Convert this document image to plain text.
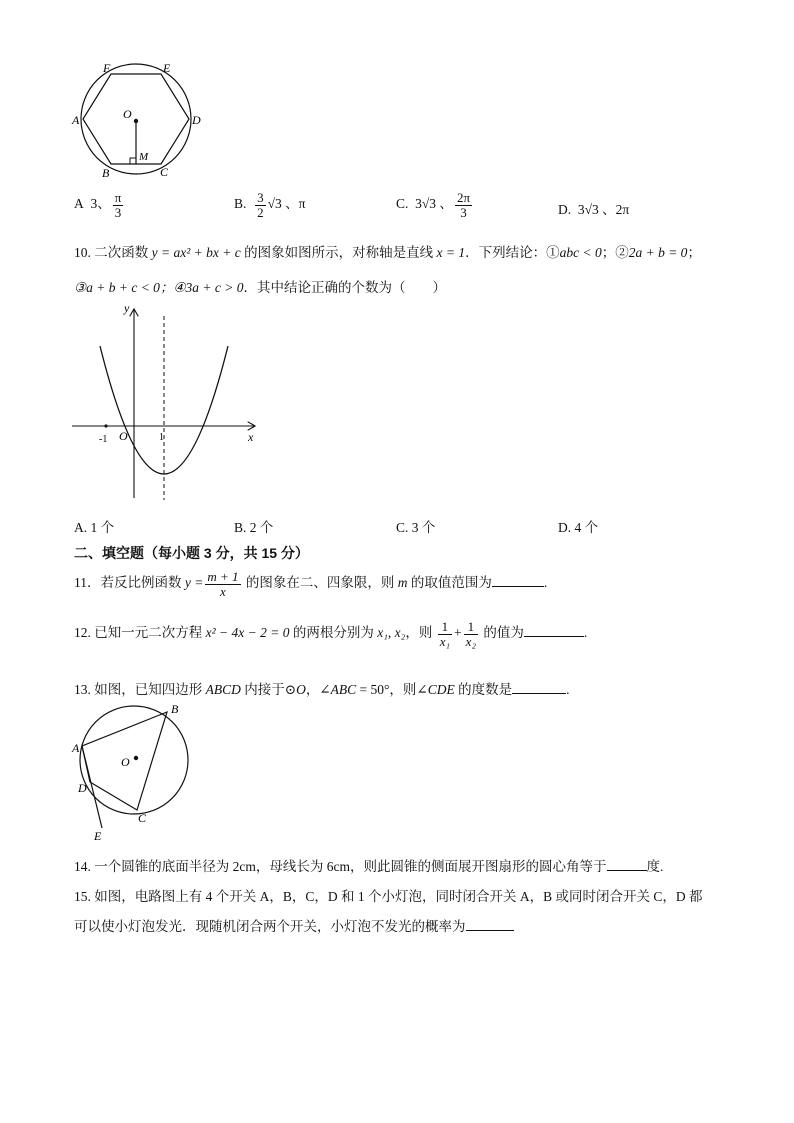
F	E
A	D
O
M
B	C
A 3、 $\frac{\pi}{3}$	B. $\frac{3}{2} √3$ 、π	C. 3√3 、 $\frac{2\pi}{3}$	D. 3√3 、2π
10. 二次函数 y = ax² + bx + c 的图象如图所示，对称轴是直线 x = 1．下列结论：①abc < 0；②2a + b = 0；
③a + b + c < 0；④3a + c > 0．其中结论正确的个数为（　　）
y
x
O
-1	1
A. 1 个	B. 2 个	C. 3 个	D. 4 个
二、填空题（每小题 3 分，共 15 分）
11．若反比例函数 $y = \frac{m + 1}{x}$ 的图象在二、四象限，则 m 的取值范围为	.
12. 已知一元二次方程 x² − 4x − 2 = 0 的两根分别为 x₁, x₂，则 $\frac{1}{\text{x₁}} + \frac{1}{\text{x₂}}$ 的值为	.
13. 如图，已知四边形 ABCD 内接于⊙O，∠ABC = 50°，则∠CDE 的度数是	.
B
A
O
D
C
E
14. 一个圆锥的底面半径为 2cm，母线长为 6cm，则此圆锥的侧面展开图扇形的圆心角等于	度.
15. 如图，电路图上有 4 个开关 A，B，C，D 和 1 个小灯泡，同时闭合开关 A，B 或同时闭合开关 C，D 都
可以使小灯泡发光．现随机闭合两个开关，小灯泡不发光的概率为
